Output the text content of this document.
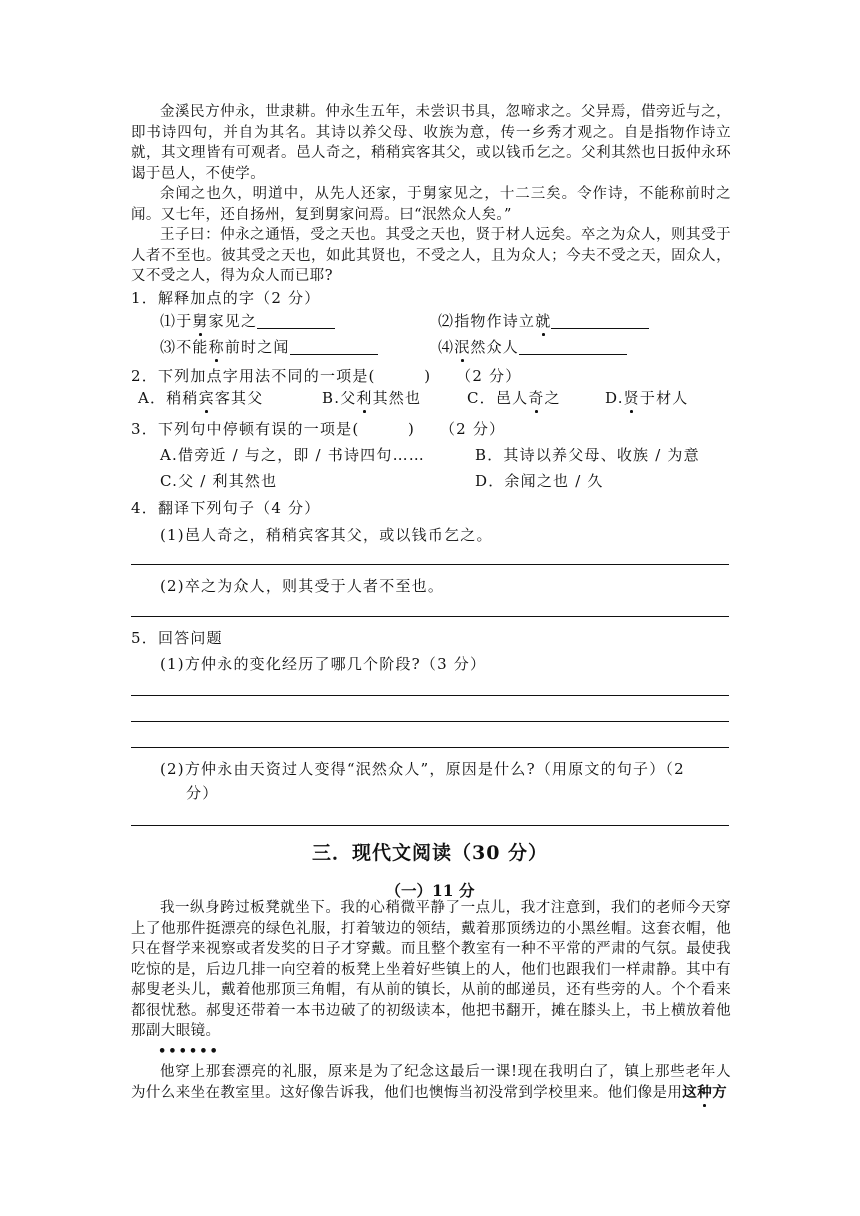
金溪民方仲永，世隶耕。仲永生五年，未尝识书具，忽啼求之。父异焉，借旁近与之，即书诗四句，并自为其名。其诗以养父母、收族为意，传一乡秀才观之。自是指物作诗立就，其文理皆有可观者。邑人奇之，稍稍宾客其父，或以钱币乞之。父利其然也日扳仲永环谒于邑人，不使学。
余闻之也久，明道中，从先人还家，于舅家见之，十二三矣。令作诗，不能称前时之闻。又七年，还自扬州，复到舅家问焉。曰“泯然众人矣。”
王子曰：仲永之通悟，受之天也。其受之天也，贤于材人远矣。卒之为众人，则其受于人者不至也。彼其受之天也，如此其贤也，不受之人，且为众人；今夫不受之天，固众人，又不受之人，得为众人而已耶?
1．解释加点的字（2 分）
⑴于舅家见之	⑵指物作诗立就
⑶不能称前时之闻	⑷泯然众人
2．下列加点字用法不同的一项是(　　　)　　（2 分）
A．稍稍宾客其父	B.父利其然也	C．邑人奇之	D.贤于材人
3．下列句中停顿有误的一项是(　　　)　　（2 分）
A.借旁近 / 与之，即 / 书诗四句……	B．其诗以养父母、收族 / 为意
C.父 / 利其然也	D．余闻之也 / 久
4．翻译下列句子（4 分）
(1)邑人奇之，稍稍宾客其父，或以钱币乞之。
(2)卒之为众人，则其受于人者不至也。
5．回答问题
(1)方仲永的变化经历了哪几个阶段?（3 分）
(2)方仲永由天资过人变得“泯然众人”，原因是什么?（用原文的句子）（2
分）
三．现代文阅读（30 分）
（一）11 分
我一纵身跨过板凳就坐下。我的心稍微平静了一点儿，我才注意到，我们的老师今天穿上了他那件挺漂亮的绿色礼服，打着皱边的领结，戴着那顶绣边的小黑丝帽。这套衣帽，他只在督学来视察或者发奖的日子才穿戴。而且整个教室有一种不平常的严肃的气氛。最使我吃惊的是，后边几排一向空着的板凳上坐着好些镇上的人，他们也跟我们一样肃静。其中有郝叟老头儿，戴着他那顶三角帽，有从前的镇长，从前的邮递员，还有些旁的人。个个看来都很忧愁。郝叟还带着一本书边破了的初级读本，他把书翻开，摊在膝头上，书上横放着他那副大眼镜。
••••••
他穿上那套漂亮的礼服，原来是为了纪念这最后一课!现在我明白了，镇上那些老年人为什么来坐在教室里。这好像告诉我，他们也懊悔当初没常到学校里来。他们像是用这种方
